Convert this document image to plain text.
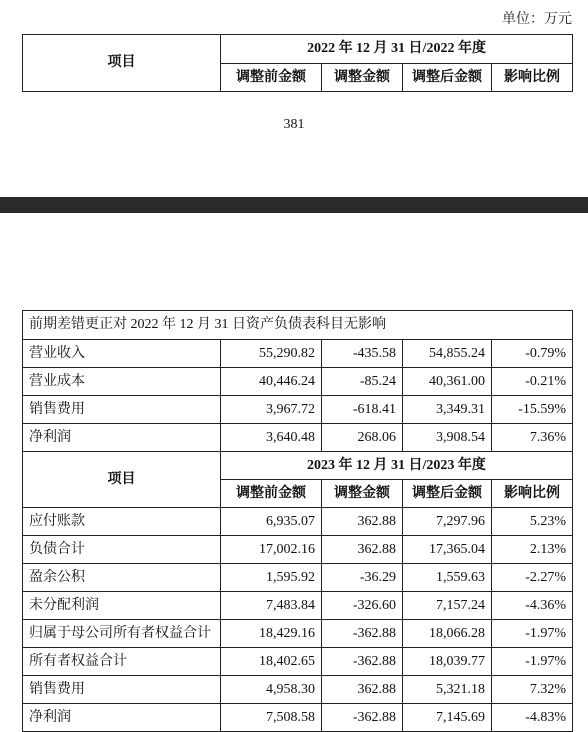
单位：万元
项目	2022 年 12 月 31 日/2022 年度			
	调整前金额	调整金额	调整后金额	影响比例
381
前期差错更正对 2022 年 12 月 31 日资产负债表科目无影响				
营业收入	55,290.82	-435.58	54,855.24	-0.79%
营业成本	40,446.24	-85.24	40,361.00	-0.21%
销售费用	3,967.72	-618.41	3,349.31	-15.59%
净利润	3,640.48	268.06	3,908.54	7.36%
项目	2023 年 12 月 31 日/2023 年度			
	调整前金额	调整金额	调整后金额	影响比例
应付账款	6,935.07	362.88	7,297.96	5.23%
负债合计	17,002.16	362.88	17,365.04	2.13%
盈余公积	1,595.92	-36.29	1,559.63	-2.27%
未分配利润	7,483.84	-326.60	7,157.24	-4.36%
归属于母公司所有者权益合计	18,429.16	-362.88	18,066.28	-1.97%
所有者权益合计	18,402.65	-362.88	18,039.77	-1.97%
销售费用	4,958.30	362.88	5,321.18	7.32%
净利润	7,508.58	-362.88	7,145.69	-4.83%
